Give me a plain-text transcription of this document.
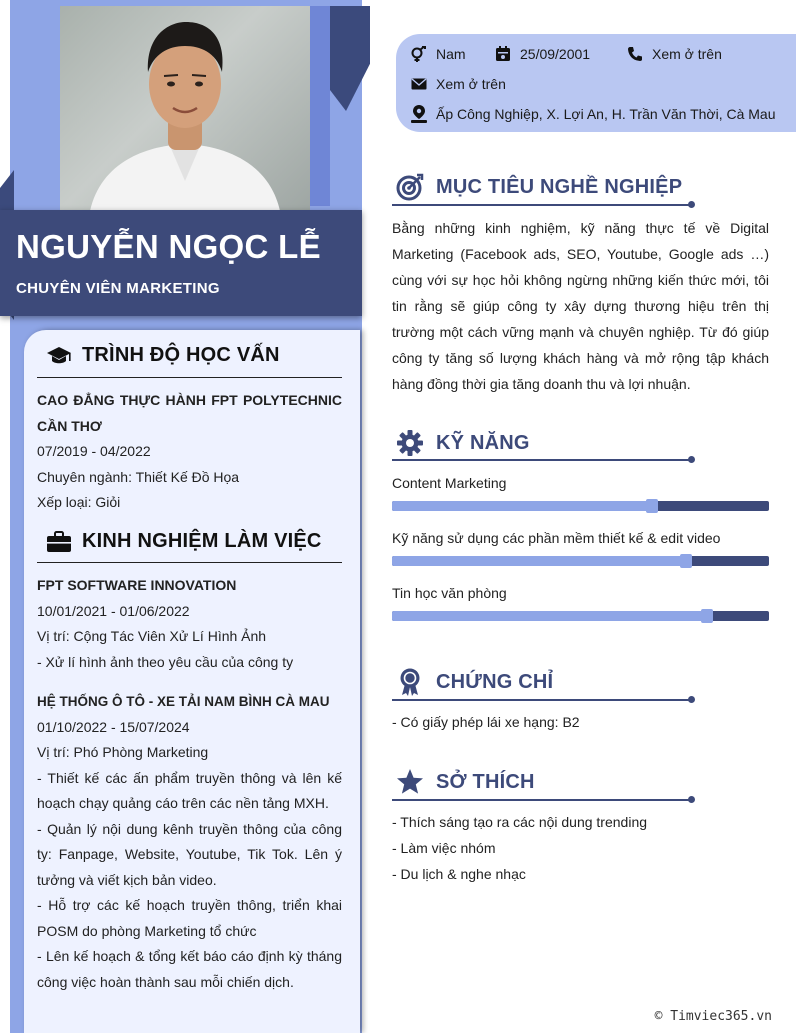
NGUYỄN NGỌC LỄ
CHUYÊN VIÊN MARKETING
TRÌNH ĐỘ HỌC VẤN
CAO ĐẲNG THỰC HÀNH FPT POLYTECHNIC CẦN THƠ
07/2019 - 04/2022
Chuyên ngành: Thiết Kế Đồ Họa
Xếp loại: Giỏi
KINH NGHIỆM LÀM VIỆC
FPT SOFTWARE INNOVATION
10/01/2021 - 01/06/2022
Vị trí: Cộng Tác Viên Xử Lí Hình Ảnh
- Xử lí hình ảnh theo yêu cầu của công ty
HỆ THỐNG Ô TÔ - XE TẢI NAM BÌNH CÀ MAU
01/10/2022 - 15/07/2024
Vị trí: Phó Phòng Marketing
- Thiết kế các ấn phẩm truyền thông và lên kế hoạch chạy quảng cáo trên các nền tảng MXH.
- Quản lý nội dung kênh truyền thông của công ty: Fanpage, Website, Youtube, Tik Tok. Lên ý tưởng và viết kịch bản video.
- Hỗ trợ các kế hoạch truyền thông, triển khai POSM do phòng Marketing tổ chức
- Lên kế hoạch & tổng kết báo cáo định kỳ tháng công việc hoàn thành sau mỗi chiến dịch.
Nam	25/09/2001	Xem ở trên
Xem ở trên
Ấp Công Nghiệp, X. Lợi An, H. Trần Văn Thời, Cà Mau
MỤC TIÊU NGHỀ NGHIỆP
Bằng những kinh nghiệm, kỹ năng thực tế về Digital Marketing (Facebook ads, SEO, Youtube, Google ads …) cùng với sự học hỏi không ngừng những kiến thức mới, tôi tin rằng sẽ giúp công ty xây dựng thương hiệu trên thị trường một cách vững mạnh và chuyên nghiệp. Từ đó giúp công ty tăng số lượng khách hàng và mở rộng tập khách hàng đồng thời gia tăng doanh thu và lợi nhuận.
KỸ NĂNG
Content Marketing
Kỹ năng sử dụng các phần mềm thiết kế & edit video
Tin học văn phòng
CHỨNG CHỈ
- Có giấy phép lái xe hạng: B2
SỞ THÍCH
- Thích sáng tạo ra các nội dung trending
- Làm việc nhóm
- Du lịch & nghe nhạc
© Timviec365.vn
